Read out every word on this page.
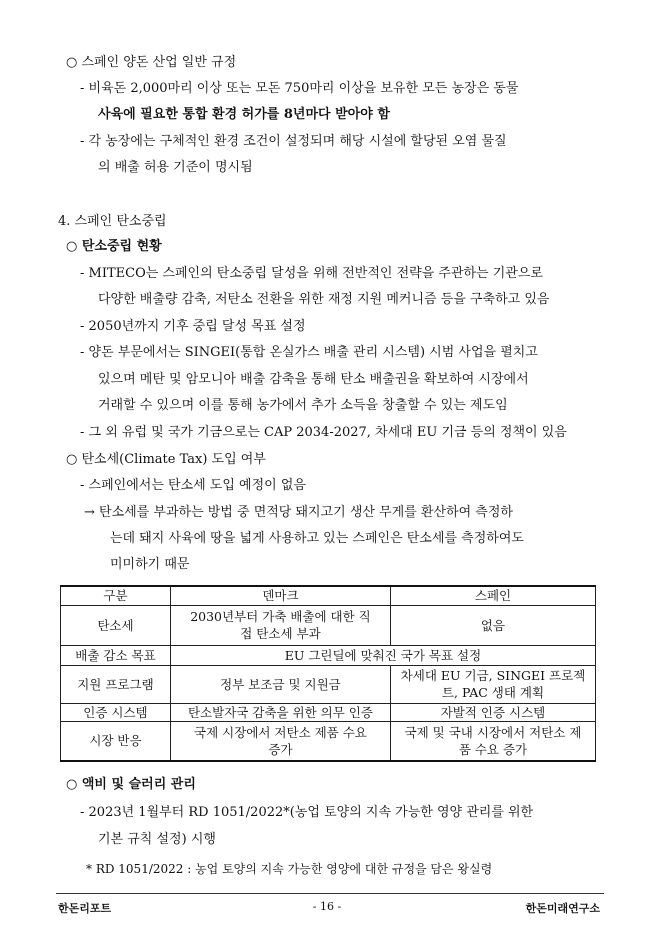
○ 스페인 양돈 산업 일반 규정
- 비육돈 2,000마리 이상 또는 모돈 750마리 이상을 보유한 모든 농장은 동물
사육에 필요한 통합 환경 허가를 8년마다 받아야 함
- 각 농장에는 구체적인 환경 조건이 설정되며 해당 시설에 할당된 오염 물질
의 배출 허용 기준이 명시됨
4. 스페인 탄소중립
○ 탄소중립 현황
- MITECO는 스페인의 탄소중립 달성을 위해 전반적인 전략을 주관하는 기관으로
다양한 배출량 감축, 저탄소 전환을 위한 재정 지원 메커니즘 등을 구축하고 있음
- 2050년까지 기후 중립 달성 목표 설정
- 양돈 부문에서는 SINGEI(통합 온실가스 배출 관리 시스템) 시범 사업을 펼치고
있으며 메탄 및 암모니아 배출 감축을 통해 탄소 배출권을 확보하여 시장에서
거래할 수 있으며 이를 통해 농가에서 추가 소득을 창출할 수 있는 제도임
- 그 외 유럽 및 국가 기금으로는 CAP 2034-2027, 차세대 EU 기금 등의 정책이 있음
○ 탄소세(Climate Tax) 도입 여부
- 스페인에서는 탄소세 도입 예정이 없음
→ 탄소세를 부과하는 방법 중 면적당 돼지고기 생산 무게를 환산하여 측정하
는데 돼지 사육에 땅을 넓게 사용하고 있는 스페인은 탄소세를 측정하여도
미미하기 때문
구분	덴마크	스페인
탄소세	2030년부터 가축 배출에 대한 직접 탄소세 부과	없음
배출 감소 목표	EU 그린딜에 맞춰진 국가 목표 설정	
지원 프로그램	정부 보조금 및 지원금	차세대 EU 기금, SINGEI 프로젝트, PAC 생태 계획

인증 시스템	탄소발자국 감축을 위한 의무 인증	자발적 인증 시스템
시장 반응	국제 시장에서 저탄소 제품 수요 증가	국제 및 국내 시장에서 저탄소 제품 수요 증가
○ 액비 및 슬러리 관리
- 2023년 1월부터 RD 1051/2022*(농업 토양의 지속 가능한 영양 관리를 위한
기본 규칙 설정) 시행
* RD 1051/2022 : 농업 토양의 지속 가능한 영양에 대한 규정을 담은 왕실령
한돈리포트	- 16 -	한돈미래연구소
